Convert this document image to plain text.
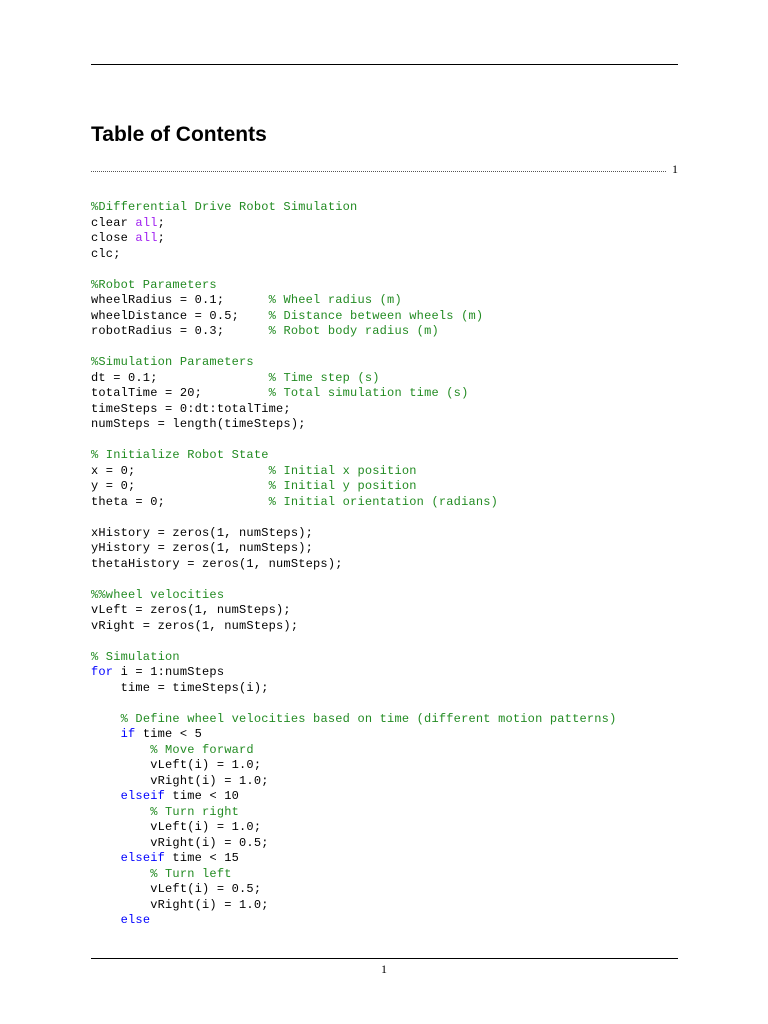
Table of Contents
1
%Differential Drive Robot Simulation
clear all;
close all;
clc;
%Robot Parameters
wheelRadius = 0.1;      % Wheel radius (m)
wheelDistance = 0.5;    % Distance between wheels (m)
robotRadius = 0.3;      % Robot body radius (m)
%Simulation Parameters
dt = 0.1;               % Time step (s)
totalTime = 20;         % Total simulation time (s)
timeSteps = 0:dt:totalTime;
numSteps = length(timeSteps);
% Initialize Robot State
x = 0;                  % Initial x position
y = 0;                  % Initial y position
theta = 0;              % Initial orientation (radians)
xHistory = zeros(1, numSteps);
yHistory = zeros(1, numSteps);
thetaHistory = zeros(1, numSteps);
%%wheel velocities
vLeft = zeros(1, numSteps);
vRight = zeros(1, numSteps);
% Simulation
for i = 1:numSteps
time = timeSteps(i);
% Define wheel velocities based on time (different motion patterns)
if time < 5
% Move forward
vLeft(i) = 1.0;
vRight(i) = 1.0;
elseif time < 10
% Turn right
vLeft(i) = 1.0;
vRight(i) = 0.5;
elseif time < 15
% Turn left
vLeft(i) = 0.5;
vRight(i) = 1.0;
else
1
